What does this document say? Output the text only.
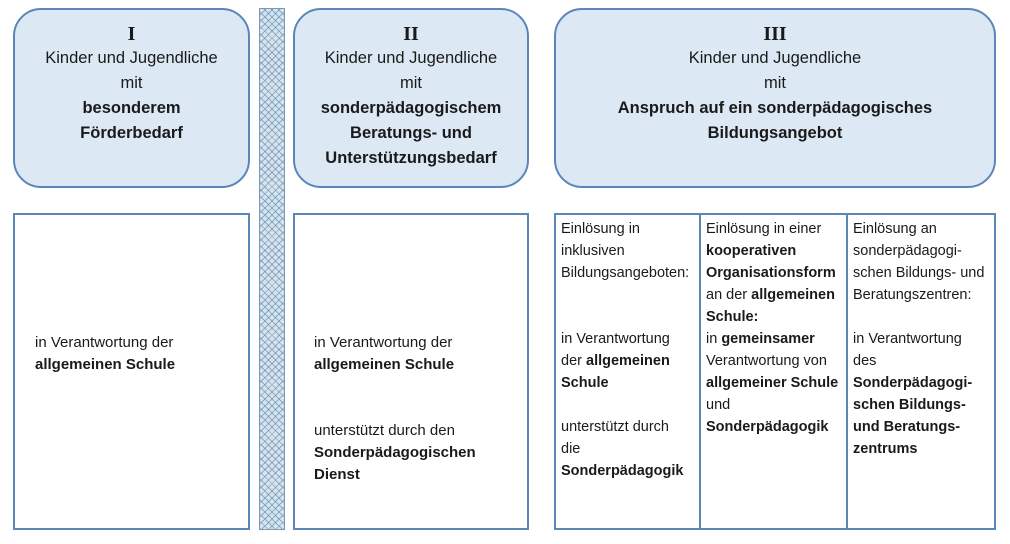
I
Kinder und Jugendliche
mit
besonderem
Förderbedarf
II
Kinder und Jugendliche
mit
sonderpädagogischem
Beratungs- und
Unterstützungsbedarf
III
Kinder und Jugendliche
mit
Anspruch auf ein sonderpädagogisches
Bildungsangebot
in Verantwortung der
allgemeinen Schule
in Verantwortung der
allgemeinen Schule
unterstützt durch den
Sonderpädagogischen
Dienst
Einlösung in
inklusiven
Bildungsangeboten:
in Verantwortung
der allgemeinen
Schule
unterstützt durch
die
Sonderpädagogik
Einlösung in einer
kooperativen
Organisationsform
an der allgemeinen
Schule:
in gemeinsamer
Verantwortung von
allgemeiner Schule
und
Sonderpädagogik
Einlösung an
sonderpädagogi-
schen Bildungs- und
Beratungszentren:
in Verantwortung
des
Sonderpädagogi-
schen Bildungs-
und Beratungs-
zentrums
